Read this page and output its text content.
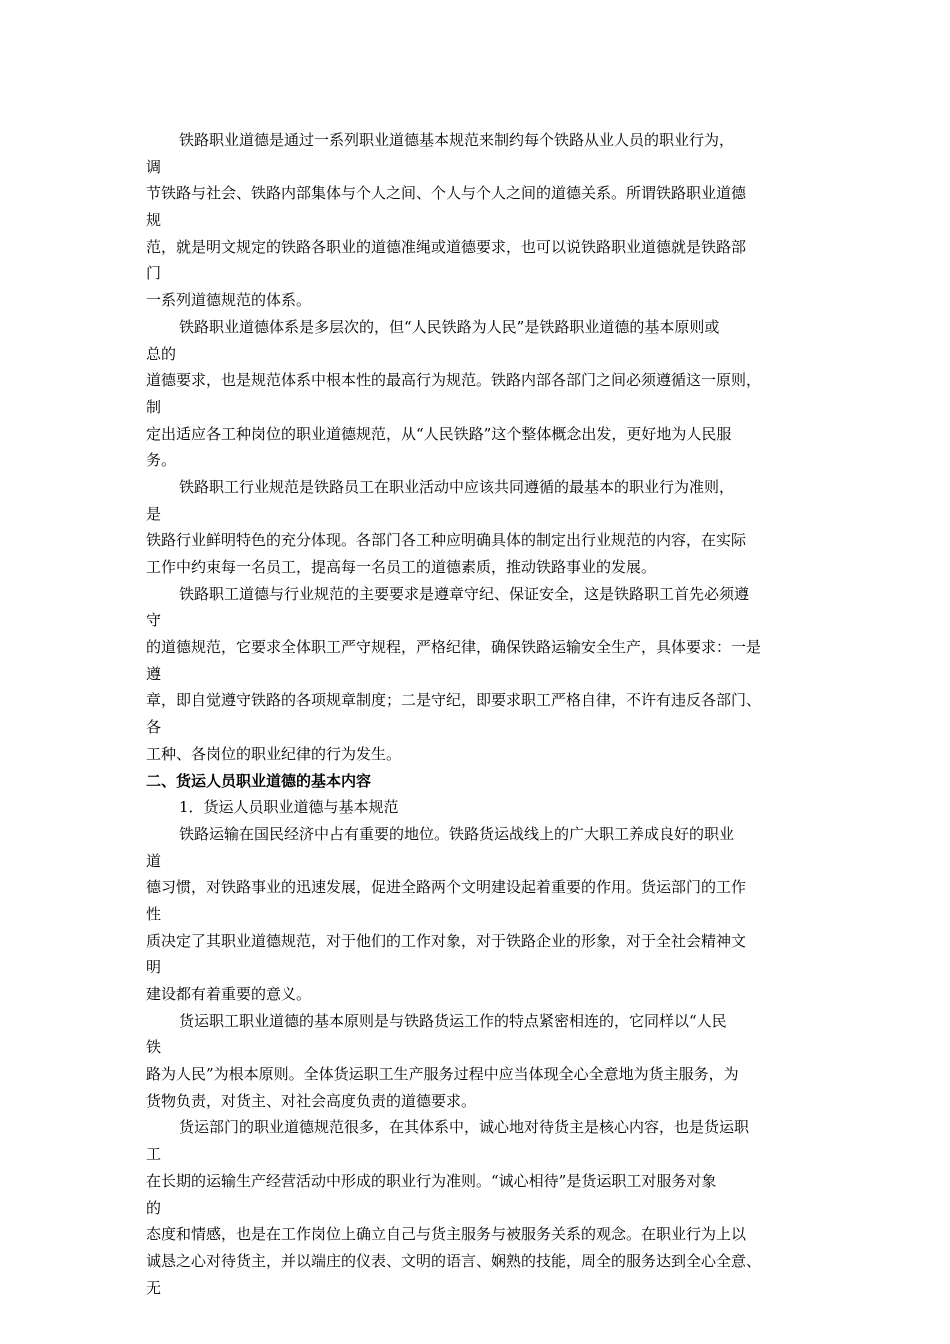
铁路职业道德是通过一系列职业道德基本规范来制约每个铁路从业人员的职业行为，
调
节铁路与社会、铁路内部集体与个人之间、个人与个人之间的道德关系。所谓铁路职业道德
规
范，就是明文规定的铁路各职业的道德准绳或道德要求，也可以说铁路职业道德就是铁路部
门
一系列道德规范的体系。
铁路职业道德体系是多层次的，但“人民铁路为人民”是铁路职业道德的基本原则或
总的
道德要求，也是规范体系中根本性的最高行为规范。铁路内部各部门之间必须遵循这一原则，
制
定出适应各工种岗位的职业道德规范，从“人民铁路”这个整体概念出发，更好地为人民服
务。
铁路职工行业规范是铁路员工在职业活动中应该共同遵循的最基本的职业行为准则，
是
铁路行业鲜明特色的充分体现。各部门各工种应明确具体的制定出行业规范的内容，在实际
工作中约束每一名员工，提高每一名员工的道德素质，推动铁路事业的发展。
铁路职工道德与行业规范的主要要求是遵章守纪、保证安全，这是铁路职工首先必须遵
守
的道德规范，它要求全体职工严守规程，严格纪律，确保铁路运输安全生产，具体要求：一是
遵
章，即自觉遵守铁路的各项规章制度；二是守纪，即要求职工严格自律，不许有违反各部门、
各
工种、各岗位的职业纪律的行为发生。
二、货运人员职业道德的基本内容
1．货运人员职业道德与基本规范
铁路运输在国民经济中占有重要的地位。铁路货运战线上的广大职工养成良好的职业
道
德习惯，对铁路事业的迅速发展，促进全路两个文明建设起着重要的作用。货运部门的工作
性
质决定了其职业道德规范，对于他们的工作对象，对于铁路企业的形象，对于全社会精神文
明
建设都有着重要的意义。
货运职工职业道德的基本原则是与铁路货运工作的特点紧密相连的，它同样以“人民
铁
路为人民”为根本原则。全体货运职工生产服务过程中应当体现全心全意地为货主服务，为
货物负责，对货主、对社会高度负责的道德要求。
货运部门的职业道德规范很多，在其体系中，诚心地对待货主是核心内容，也是货运职
工
在长期的运输生产经营活动中形成的职业行为准则。“诚心相待”是货运职工对服务对象
的
态度和情感，也是在工作岗位上确立自己与货主服务与被服务关系的观念。在职业行为上以
诚恳之心对待货主，并以端庄的仪表、文明的语言、娴熟的技能，周全的服务达到全心全意、
无
